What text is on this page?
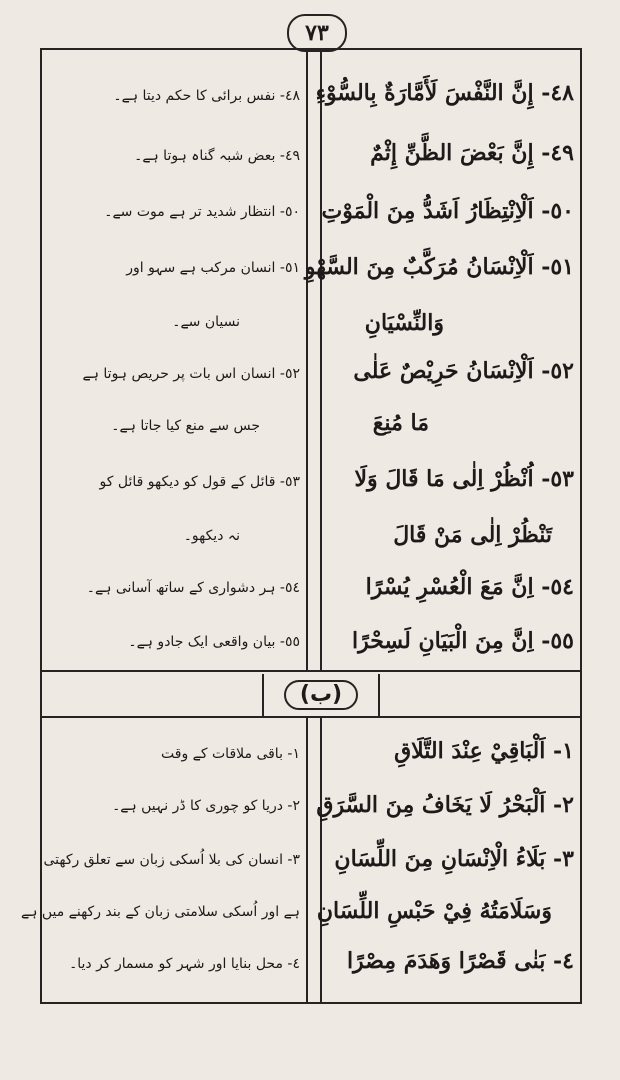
٧٣
(ب)
٤٨- إِنَّ النَّفْسَ لَأَمَّارَةٌ بِالسُّوْءِ
٤٩- إِنَّ بَعْضَ الظَّنِّ إِثْمٌ
٥٠- اَلْاِنْتِظَارُ اَشَدُّ مِنَ الْمَوْتِ
٥١- اَلْاِنْسَانُ مُرَكَّبٌ مِنَ السَّهْوِ
وَالنِّسْيَانِ
٥٢- اَلْاِنْسَانُ حَرِيْصٌ عَلٰى
مَا مُنِعَ
٥٣- اُنْظُرْ اِلٰى مَا قَالَ وَلَا
تَنْظُرْ اِلٰى مَنْ قَالَ
٥٤- اِنَّ مَعَ الْعُسْرِ يُسْرًا
٥٥- اِنَّ مِنَ الْبَيَانِ لَسِحْرًا
٤٨- نفس برائی کا حکم دیتا ہے۔
٤٩- بعض شبہ گناہ ہوتا ہے۔
٥٠- انتظار شدید تر ہے موت سے۔
٥١- انسان مرکب ہے سہو اور
نسیان سے۔
٥٢- انسان اس بات پر حریص ہوتا ہے
جس سے منع کیا جاتا ہے۔
٥٣- قائل کے قول کو دیکھو قائل کو
نہ دیکھو۔
٥٤- ہر دشواری کے ساتھ آسانی ہے۔
٥٥- بیان واقعی ایک جادو ہے۔
١- اَلْبَاقِيْ عِنْدَ التَّلَاقِ
٢- اَلْبَحْرُ لَا يَخَافُ مِنَ السَّرَقِ
٣- بَلَاءُ الْاِنْسَانِ مِنَ اللِّسَانِ
وَسَلَامَتُهُ فِيْ حَبْسِ اللِّسَانِ
٤- بَنٰى قَصْرًا وَهَدَمَ مِصْرًا
١- باقی ملاقات کے وقت
٢- دریا کو چوری کا ڈر نہیں ہے۔
٣- انسان کی بلا اُسکی زبان سے تعلق رکھتی
ہے اور اُسکی سلامتی زبان کے بند رکھنے میں ہے
٤- محل بنایا اور شہر کو مسمار کر دیا۔
